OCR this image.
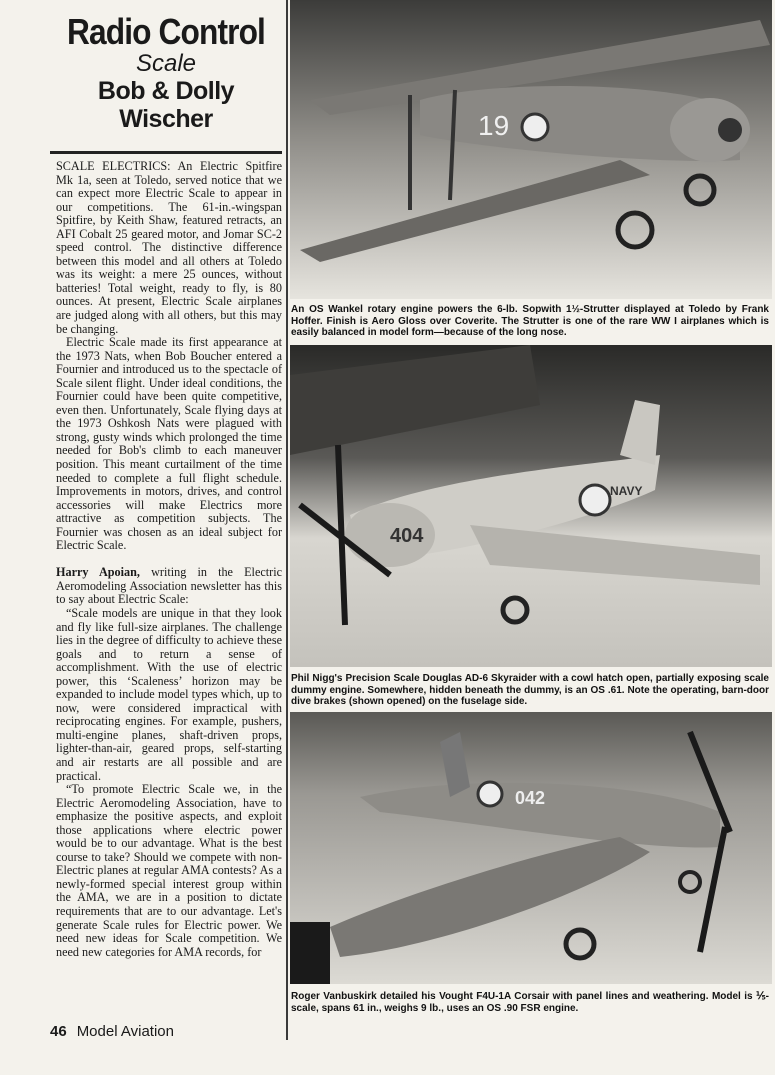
Radio Control
Scale
Bob & Dolly
Wischer

SCALE ELECTRICS: An Electric Spitfire Mk 1a, seen at Toledo, served notice that we can expect more Electric Scale to appear in our competitions. The 61-in.-wingspan Spitfire, by Keith Shaw, featured retracts, an AFI Cobalt 25 geared motor, and Jomar SC-2 speed control. The distinctive difference between this model and all others at Toledo was its weight: a mere 25 ounces, without batteries! Total weight, ready to fly, is 80 ounces. At present, Electric Scale airplanes are judged along with all others, but this may be changing.

Electric Scale made its first appearance at the 1973 Nats, when Bob Boucher entered a Fournier and introduced us to the spectacle of Scale silent flight. Under ideal conditions, the Fournier could have been quite competitive, even then. Unfortunately, Scale flying days at the 1973 Oshkosh Nats were plagued with strong, gusty winds which prolonged the time needed for Bob's climb to each maneuver position. This meant curtailment of the time needed to complete a full flight schedule. Improvements in motors, drives, and control accessories will make Electrics more attractive as competition subjects. The Fournier was chosen as an ideal subject for Electric Scale.

Harry Apoian, writing in the Electric Aeromodeling Association newsletter has this to say about Electric Scale:

“Scale models are unique in that they look and fly like full-size airplanes. The challenge lies in the degree of difficulty to achieve these goals and to return a sense of accomplishment. With the use of electric power, this ‘Scaleness’ horizon may be expanded to include model types which, up to now, were considered impractical with reciprocating engines. For example, pushers, multi-engine planes, shaft-driven props, lighter-than-air, geared props, self-starting and air restarts are all possible and are practical.

“To promote Electric Scale we, in the Electric Aeromodeling Association, have to emphasize the positive aspects, and exploit those applications where electric power would be to our advantage. What is the best course to take? Should we compete with non-Electric planes at regular AMA contests? As a newly-formed special interest group within the AMA, we are in a position to dictate requirements that are to our advantage. Let's generate Scale rules for Electric power. We need new ideas for Scale competition. We need new categories for AMA records, for

46 Model Aviation
19
An OS Wankel rotary engine powers the 6-lb. Sopwith 1½-Strutter displayed at Toledo by Frank Hoffer. Finish is Aero Gloss over Coverite. The Strutter is one of the rare WW I airplanes which is easily balanced in model form—because of the long nose.
404
NAVY
Phil Nigg's Precision Scale Douglas AD-6 Skyraider with a cowl hatch open, partially exposing scale dummy engine. Somewhere, hidden beneath the dummy, is an OS .61. Note the operating, barn-door dive brakes (shown opened) on the fuselage side.
042
Roger Vanbuskirk detailed his Vought F4U-1A Corsair with panel lines and weathering. Model is ⅕-scale, spans 61 in., weighs 9 lb., uses an OS .90 FSR engine.
